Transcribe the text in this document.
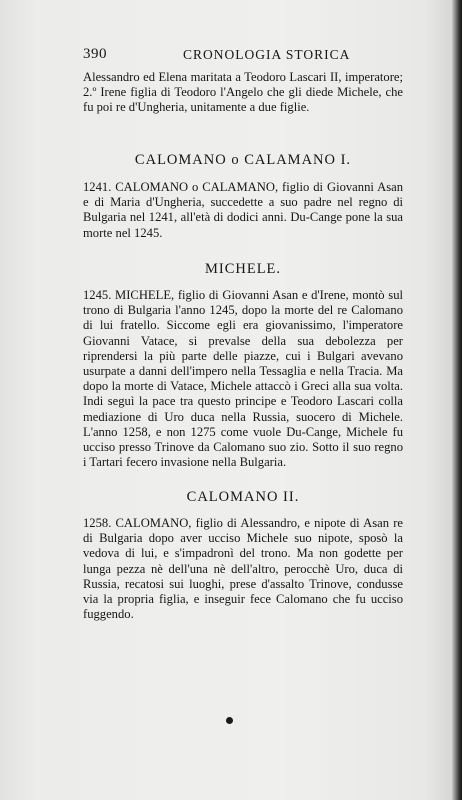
390	CRONOLOGIA STORICA

Alessandro ed Elena maritata a Teodoro Lascari II, imperatore; 2.º Irene figlia di Teodoro l'Angelo che gli diede Michele, che fu poi re d'Ungheria, unitamente a due figlie.

CALOMANO o CALAMANO I.

1241. CALOMANO o CALAMANO, figlio di Giovanni Asan e di Maria d'Ungheria, succedette a suo padre nel regno di Bulgaria nel 1241, all'età di dodici anni. Du-Cange pone la sua morte nel 1245.

MICHELE.

1245. MICHELE, figlio di Giovanni Asan e d'Irene, montò sul trono di Bulgaria l'anno 1245, dopo la morte del re Calomano di lui fratello. Siccome egli era giovanissimo, l'imperatore Giovanni Vatace, si prevalse della sua debolezza per riprendersi la più parte delle piazze, cui i Bulgari avevano usurpate a danni dell'impero nella Tessaglia e nella Tracia. Ma dopo la morte di Vatace, Michele attaccò i Greci alla sua volta. Indi seguì la pace tra questo principe e Teodoro Lascari colla mediazione di Uro duca nella Russia, suocero di Michele. L'anno 1258, e non 1275 come vuole Du-Cange, Michele fu ucciso presso Trinove da Calomano suo zio. Sotto il suo regno i Tartari fecero invasione nella Bulgaria.

CALOMANO II.

1258. CALOMANO, figlio di Alessandro, e nipote di Asan re di Bulgaria dopo aver ucciso Michele suo nipote, sposò la vedova di lui, e s'impadronì del trono. Ma non godette per lunga pezza nè dell'una nè dell'altro, perocchè Uro, duca di Russia, recatosi sui luoghi, prese d'assalto Trinove, condusse via la propria figlia, e inseguir fece Calomano che fu ucciso fuggendo.
